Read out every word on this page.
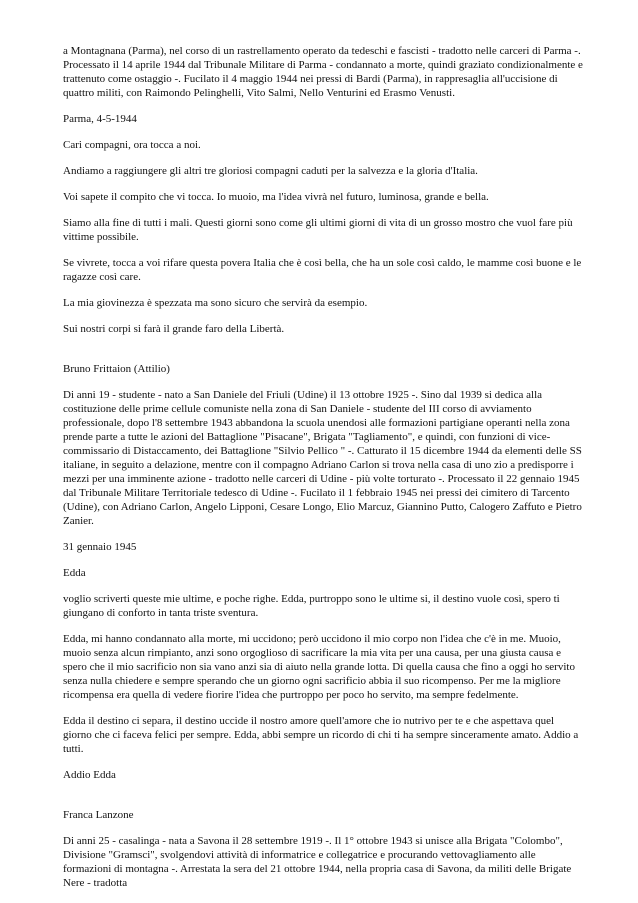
a Montagnana (Parma), nel corso di un rastrellamento operato da tedeschi e fascisti - tradotto nelle carceri di Parma -. Processato il 14 aprile 1944 dal Tribunale Militare di Parma - condannato a morte, quindi graziato condizionalmente e trattenuto come ostaggio -. Fucilato il 4 maggio 1944 nei pressi di Bardi (Parma), in rappresaglia all'uccisione di quattro militi, con Raimondo Pelinghelli, Vito Salmi, Nello Venturini ed Erasmo Venusti.

Parma, 4-5-1944

Cari compagni, ora tocca a noi.

Andiamo a raggiungere gli altri tre gloriosi compagni caduti per la salvezza e la gloria d'Italia.

Voi sapete il compito che vi tocca. Io muoio, ma l'idea vivrà nel futuro, luminosa, grande e bella.

Siamo alla fine di tutti i mali. Questi giorni sono come gli ultimi giorni di vita di un grosso mostro che vuol fare più vittime possibile.

Se vivrete, tocca a voi rifare questa povera Italia che è così bella, che ha un sole così caldo, le mamme così buone e le ragazze così care.

La mia giovinezza è spezzata ma sono sicuro che servirà da esempio.

Sui nostri corpi si farà il grande faro della Libertà.

Bruno Frittaion (Attilio)

Di anni 19 - studente - nato a San Daniele del Friuli (Udine) il 13 ottobre 1925 -. Sino dal 1939 si dedica alla costituzione delle prime cellule comuniste nella zona di San Daniele - studente del III corso di avviamento professionale, dopo l'8 settembre 1943 abbandona la scuola unendosi alle formazioni partigiane operanti nella zona prende parte a tutte le azioni del Battaglione "Pisacane", Brigata "Tagliamento", e quindi, con funzioni di vice-commissario di Distaccamento, dei Battaglione "Silvio Pellico " -. Catturato il 15 dicembre 1944 da elementi delle SS italiane, in seguito a delazione, mentre con il compagno Adriano Carlon si trova nella casa di uno zio a predisporre i mezzi per una imminente azione - tradotto nelle carceri di Udine - più volte torturato -. Processato il 22 gennaio 1945 dal Tribunale Militare Territoriale tedesco di Udine -. Fucilato il 1 febbraio 1945 nei pressi dei cimitero di Tarcento (Udine), con Adriano Carlon, Angelo Lipponi, Cesare Longo, Elio Marcuz, Giannino Putto, Calogero Zaffuto e Pietro Zanier.

31 gennaio 1945

Edda

voglio scriverti queste mie ultime, e poche righe. Edda, purtroppo sono le ultime si, il destino vuole così, spero ti giungano di conforto in tanta triste sventura.

Edda, mi hanno condannato alla morte, mi uccidono; però uccidono il mio corpo non l'idea che c'è in me. Muoio, muoio senza alcun rimpianto, anzi sono orgoglioso di sacrificare la mia vita per una causa, per una giusta causa e spero che il mio sacrificio non sia vano anzi sia di aiuto nella grande lotta. Di quella causa che fino a oggi ho servito senza nulla chiedere e sempre sperando che un giorno ogni sacrificio abbia il suo ricompenso. Per me la migliore ricompensa era quella di vedere fiorire l'idea che purtroppo per poco ho servito, ma sempre fedelmente.

Edda il destino ci separa, il destino uccide il nostro amore quell'amore che io nutrivo per te e che aspettava quel giorno che ci faceva felici per sempre. Edda, abbi sempre un ricordo di chi ti ha sempre sinceramente amato. Addio a tutti.

Addio Edda

Franca Lanzone

Di anni 25 - casalinga - nata a Savona il 28 settembre 1919 -. Il 1° ottobre 1943 si unisce alla Brigata "Colombo", Divisione "Gramsci", svolgendovi attività di informatrice e collegatrice e procurando vettovagliamento alle formazioni di montagna -. Arrestata la sera del 21 ottobre 1944, nella propria casa di Savona, da militi delle Brigate Nere - tradotta
